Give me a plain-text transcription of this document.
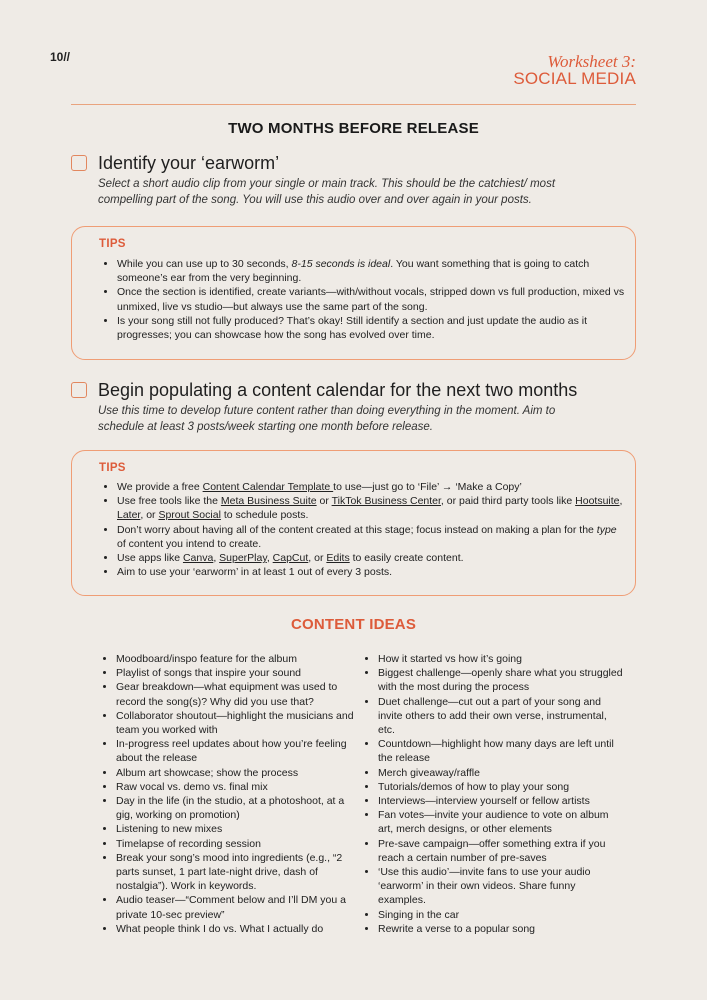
10//	Worksheet 3:
SOCIAL MEDIA
TWO MONTHS BEFORE RELEASE
Identify your ‘earworm’
Select a short audio clip from your single or main track. This should be the catchiest/ most compelling part of the song. You will use this audio over and over again in your posts.
TIPS
• While you can use up to 30 seconds, 8-15 seconds is ideal. You want something that is going to catch someone’s ear from the very beginning.
• Once the section is identified, create variants—with/without vocals, stripped down vs full production, mixed vs unmixed, live vs studio—but always use the same part of the song.
• Is your song still not fully produced? That’s okay! Still identify a section and just update the audio as it progresses; you can showcase how the song has evolved over time.
Begin populating a content calendar for the next two months
Use this time to develop future content rather than doing everything in the moment. Aim to schedule at least 3 posts/week starting one month before release.
TIPS
• We provide a free Content Calendar Template to use—just go to ‘File’ → ‘Make a Copy’
• Use free tools like the Meta Business Suite or TikTok Business Center, or paid third party tools like Hootsuite, Later, or Sprout Social to schedule posts.
• Don’t worry about having all of the content created at this stage; focus instead on making a plan for the type of content you intend to create.
• Use apps like Canva, SuperPlay, CapCut, or Edits to easily create content.
• Aim to use your ‘earworm’ in at least 1 out of every 3 posts.
CONTENT IDEAS
• Moodboard/inspo feature for the album
• Playlist of songs that inspire your sound
• Gear breakdown—what equipment was used to record the song(s)? Why did you use that?
• Collaborator shoutout—highlight the musicians and team you worked with
• In-progress reel updates about how you’re feeling about the release
• Album art showcase; show the process
• Raw vocal vs. demo vs. final mix
• Day in the life (in the studio, at a photoshoot, at a gig, working on promotion)
• Listening to new mixes
• Timelapse of recording session
• Break your song’s mood into ingredients (e.g., “2 parts sunset, 1 part late-night drive, dash of nostalgia”). Work in keywords.
• Audio teaser—“Comment below and I’ll DM you a private 10-sec preview”
• What people think I do vs. What I actually do
• How it started vs how it’s going
• Biggest challenge—openly share what you struggled with the most during the process
• Duet challenge—cut out a part of your song and invite others to add their own verse, instrumental, etc.
• Countdown—highlight how many days are left until the release
• Merch giveaway/raffle
• Tutorials/demos of how to play your song
• Interviews—interview yourself or fellow artists
• Fan votes—invite your audience to vote on album art, merch designs, or other elements
• Pre-save campaign—offer something extra if you reach a certain number of pre-saves
• ‘Use this audio’—invite fans to use your audio ‘earworm’ in their own videos. Share funny examples.
• Singing in the car
• Rewrite a verse to a popular song
